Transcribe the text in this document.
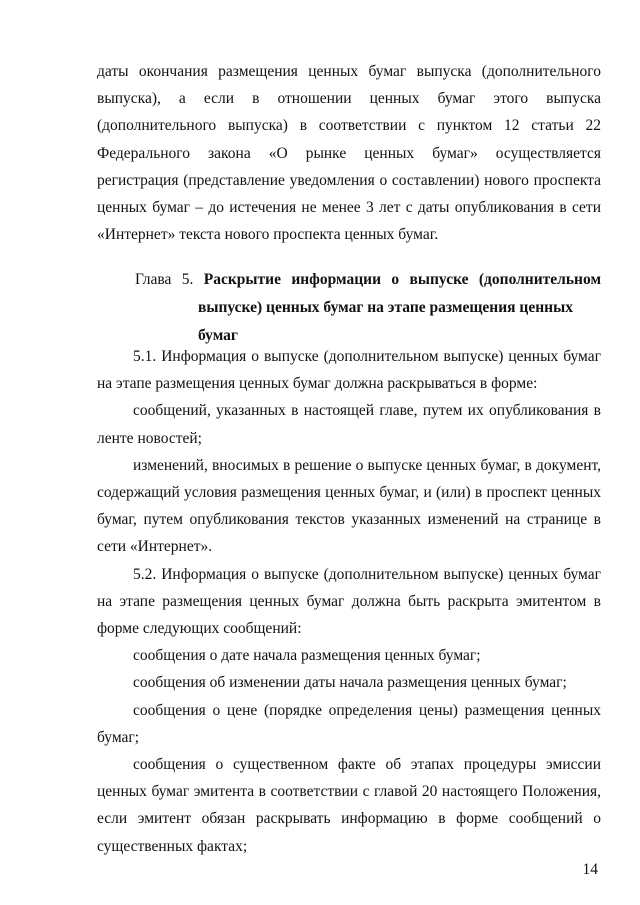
даты окончания размещения ценных бумаг выпуска (дополнительного выпуска), а если в отношении ценных бумаг этого выпуска (дополнительного выпуска) в соответствии с пунктом 12 статьи 22 Федерального закона «О рынке ценных бумаг» осуществляется регистрация (представление уведомления о составлении) нового проспекта ценных бумаг – до истечения не менее 3 лет с даты опубликования в сети «Интернет» текста нового проспекта ценных бумаг.

Глава 5. Раскрытие информации о выпуске (дополнительном
выпуске) ценных бумаг на этапе размещения ценных бумаг

5.1. Информация о выпуске (дополнительном выпуске) ценных бумаг на этапе размещения ценных бумаг должна раскрываться в форме:

сообщений, указанных в настоящей главе, путем их опубликования в ленте новостей;

изменений, вносимых в решение о выпуске ценных бумаг, в документ, содержащий условия размещения ценных бумаг, и (или) в проспект ценных бумаг, путем опубликования текстов указанных изменений на странице в сети «Интернет».

5.2. Информация о выпуске (дополнительном выпуске) ценных бумаг на этапе размещения ценных бумаг должна быть раскрыта эмитентом в форме следующих сообщений:

сообщения о дате начала размещения ценных бумаг;

сообщения об изменении даты начала размещения ценных бумаг;

сообщения о цене (порядке определения цены) размещения ценных бумаг;

сообщения о существенном факте об этапах процедуры эмиссии ценных бумаг эмитента в соответствии с главой 20 настоящего Положения, если эмитент обязан раскрывать информацию в форме сообщений о существенных фактах;

14
